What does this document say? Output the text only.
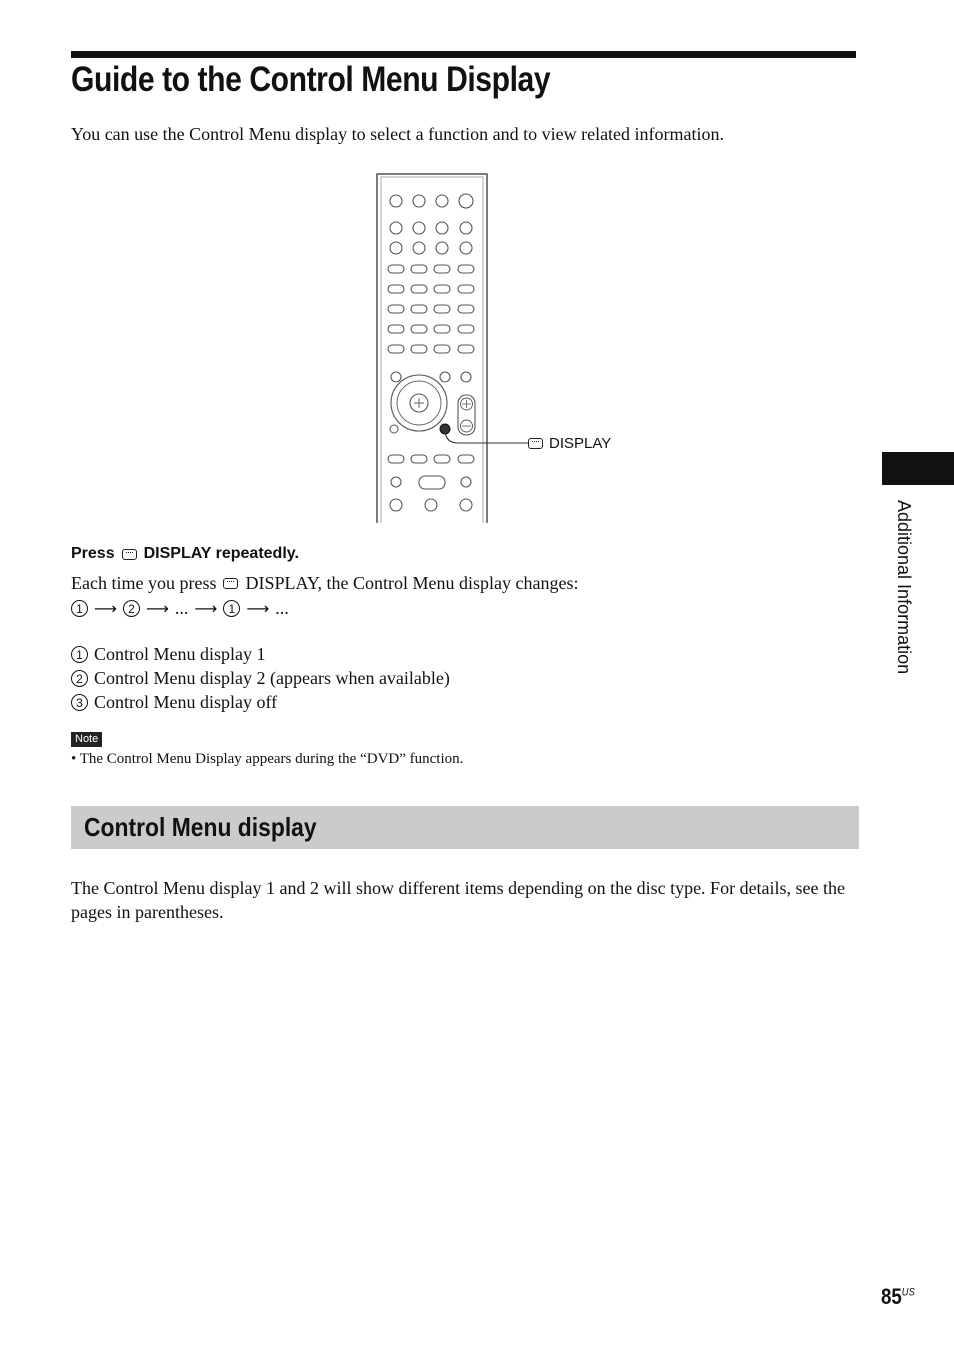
Guide to the Control Menu Display
You can use the Control Menu display to select a function and to view related information.
DISPLAY
Press DISPLAY repeatedly.
Each time you press DISPLAY, the Control Menu display changes:
1 ⟶ 2 ⟶ ... ⟶ 1 ⟶ ...
1 Control Menu display 1
2 Control Menu display 2 (appears when available)
3 Control Menu display off
Note
• The Control Menu Display appears during the “DVD” function.
Control Menu display
The Control Menu display 1 and 2 will show different items depending on the disc type. For details, see the pages in parentheses.
Additional Information
$85^{US}$
